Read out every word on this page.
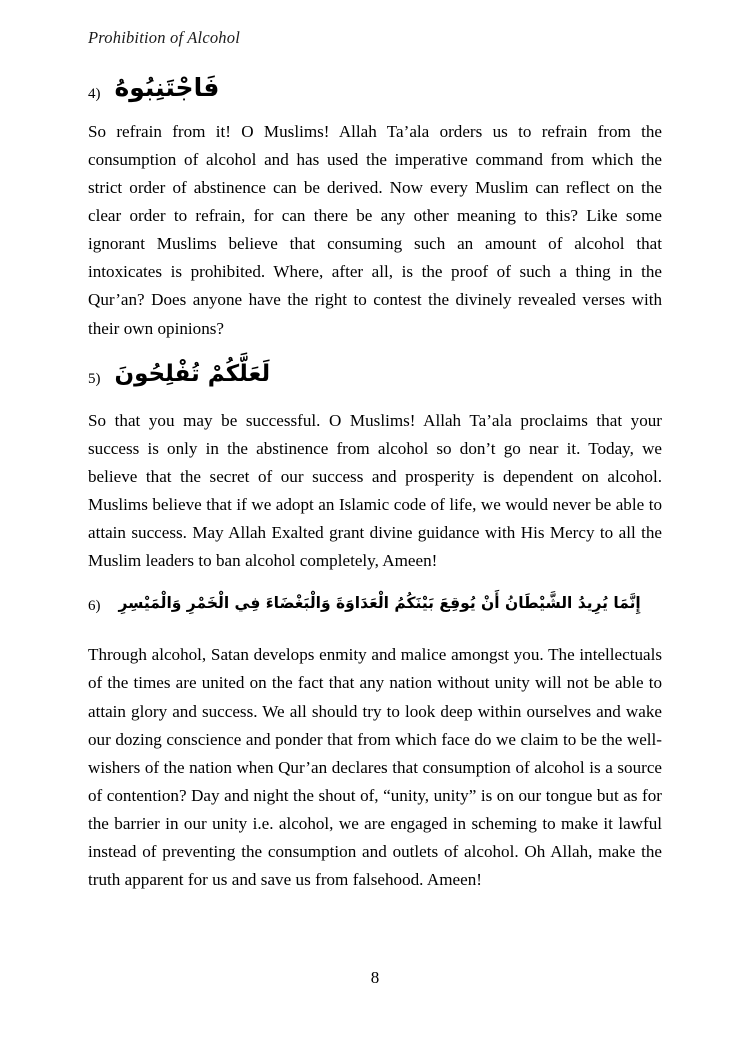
Prohibition of Alcohol
4) فَاجْتَنِبُوهُ

So refrain from it! O Muslims! Allah Ta’ala orders us to refrain from the consumption of alcohol and has used the imperative command from which the strict order of abstinence can be derived. Now every Muslim can reflect on the clear order to refrain, for can there be any other meaning to this? Like some ignorant Muslims believe that consuming such an amount of alcohol that intoxicates is prohibited. Where, after all, is the proof of such a thing in the Qur’an? Does anyone have the right to contest the divinely revealed verses with their own opinions?

5) لَعَلَّكُمْ تُفْلِحُونَ

So that you may be successful. O Muslims! Allah Ta’ala proclaims that your success is only in the abstinence from alcohol so don’t go near it. Today, we believe that the secret of our success and prosperity is dependent on alcohol. Muslims believe that if we adopt an Islamic code of life, we would never be able to attain success. May Allah Exalted grant divine guidance with His Mercy to all the Muslim leaders to ban alcohol completely, Ameen!

6)	إِنَّمَا يُرِيدُ الشَّيْطَانُ أَنْ يُوقِعَ بَيْنَكُمُ الْعَدَاوَةَ وَالْبَغْضَاءَ فِي الْخَمْرِ وَالْمَيْسِرِ

Through alcohol, Satan develops enmity and malice amongst you. The intellectuals of the times are united on the fact that any nation without unity will not be able to attain glory and success. We all should try to look deep within ourselves and wake our dozing conscience and ponder that from which face do we claim to be the well-wishers of the nation when Qur’an declares that consumption of alcohol is a source of contention? Day and night the shout of, “unity, unity” is on our tongue but as for the barrier in our unity i.e. alcohol, we are engaged in scheming to make it lawful instead of preventing the consumption and outlets of alcohol. Oh Allah, make the truth apparent for us and save us from falsehood. Ameen!

8
